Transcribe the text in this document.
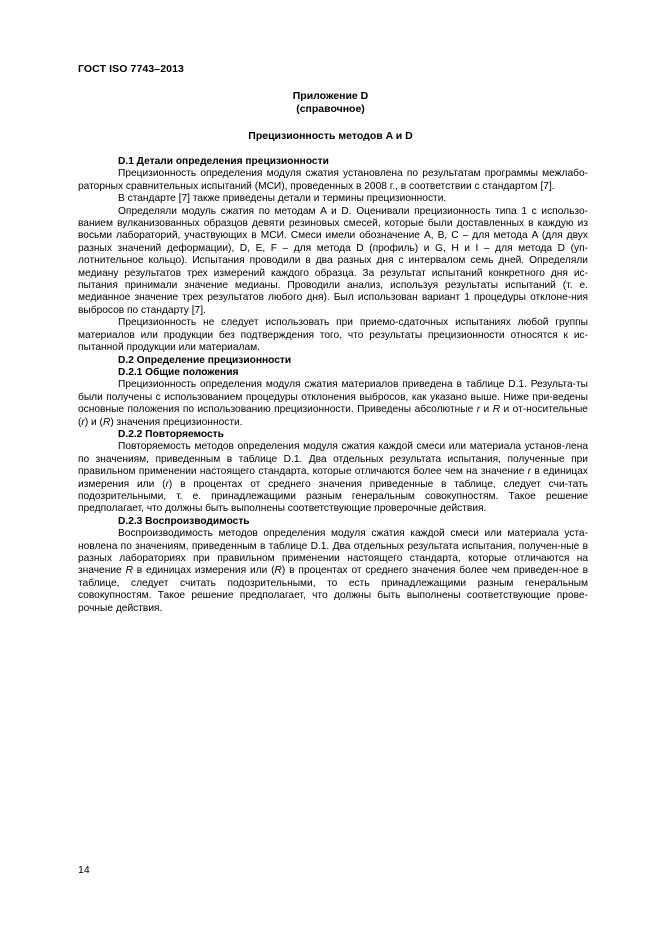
ГОСТ ISO 7743–2013
Приложение D
(справочное)
Прецизионность методов A и D
D.1 Детали определения прецизионности

Прецизионность определения модуля сжатия установлена по результатам программы межлабо-раторных сравнительных испытаний (МСИ), проведенных в 2008 г., в соответствии с стандартом [7].

В стандарте [7] также приведены детали и термины прецизионности.

Определяли модуль сжатия по методам A и D. Оценивали прецизионность типа 1 с использо-ванием вулканизованных образцов девяти резиновых смесей, которые были доставленных в каждую из восьми лабораторий, участвующих в МСИ. Смеси имели обозначение A, B, C – для метода A (для двух разных значений деформации), D, E, F – для метода D (профиль) и G, H и I – для метода D (уп-лотнительное кольцо). Испытания проводили в два разных дня с интервалом семь дней. Определяли медиану результатов трех измерений каждого образца. За результат испытаний конкретного дня ис-пытания принимали значение медианы. Проводили анализ, используя результаты испытаний (т. е. медианное значение трех результатов любого дня). Был использован вариант 1 процедуры отклоне-ния выбросов по стандарту [7].

Прецизионность не следует использовать при приемо-сдаточных испытаниях любой группы материалов или продукции без подтверждения того, что результаты прецизионности относятся к ис-пытанной продукции или материалам.

D.2 Определение прецизионности
D.2.1 Общие положения

Прецизионность определения модуля сжатия материалов приведена в таблице D.1. Результа-ты были получены с использованием процедуры отклонения выбросов, как указано выше. Ниже при-ведены основные положения по использованию прецизионности. Приведены абсолютные r и R и от-носительные (r) и (R) значения прецизионности.

D.2.2 Повторяемость

Повторяемость методов определения модуля сжатия каждой смеси или материала установ-лена по значениям, приведенным в таблице D.1. Два отдельных результата испытания, полученные при правильном применении настоящего стандарта, которые отличаются более чем на значение r в единицах измерения или (r) в процентах от среднего значения приведенные в таблице, следует счи-тать подозрительными, т. е. принадлежащими разным генеральным совокупностям. Такое решение предполагает, что должны быть выполнены соответствующие проверочные действия.

D.2.3 Воспроизводимость

Воспроизводимость методов определения модуля сжатия каждой смеси или материала уста-новлена по значениям, приведенным в таблице D.1. Два отдельных результата испытания, получен-ные в разных лабораториях при правильном применении настоящего стандарта, которые отличаются на значение R в единицах измерения или (R) в процентах от среднего значения более чем приведен-ное в таблице, следует считать подозрительными, то есть принадлежащими разным генеральным совокупностям. Такое решение предполагает, что должны быть выполнены соответствующие прове-рочные действия.

14
